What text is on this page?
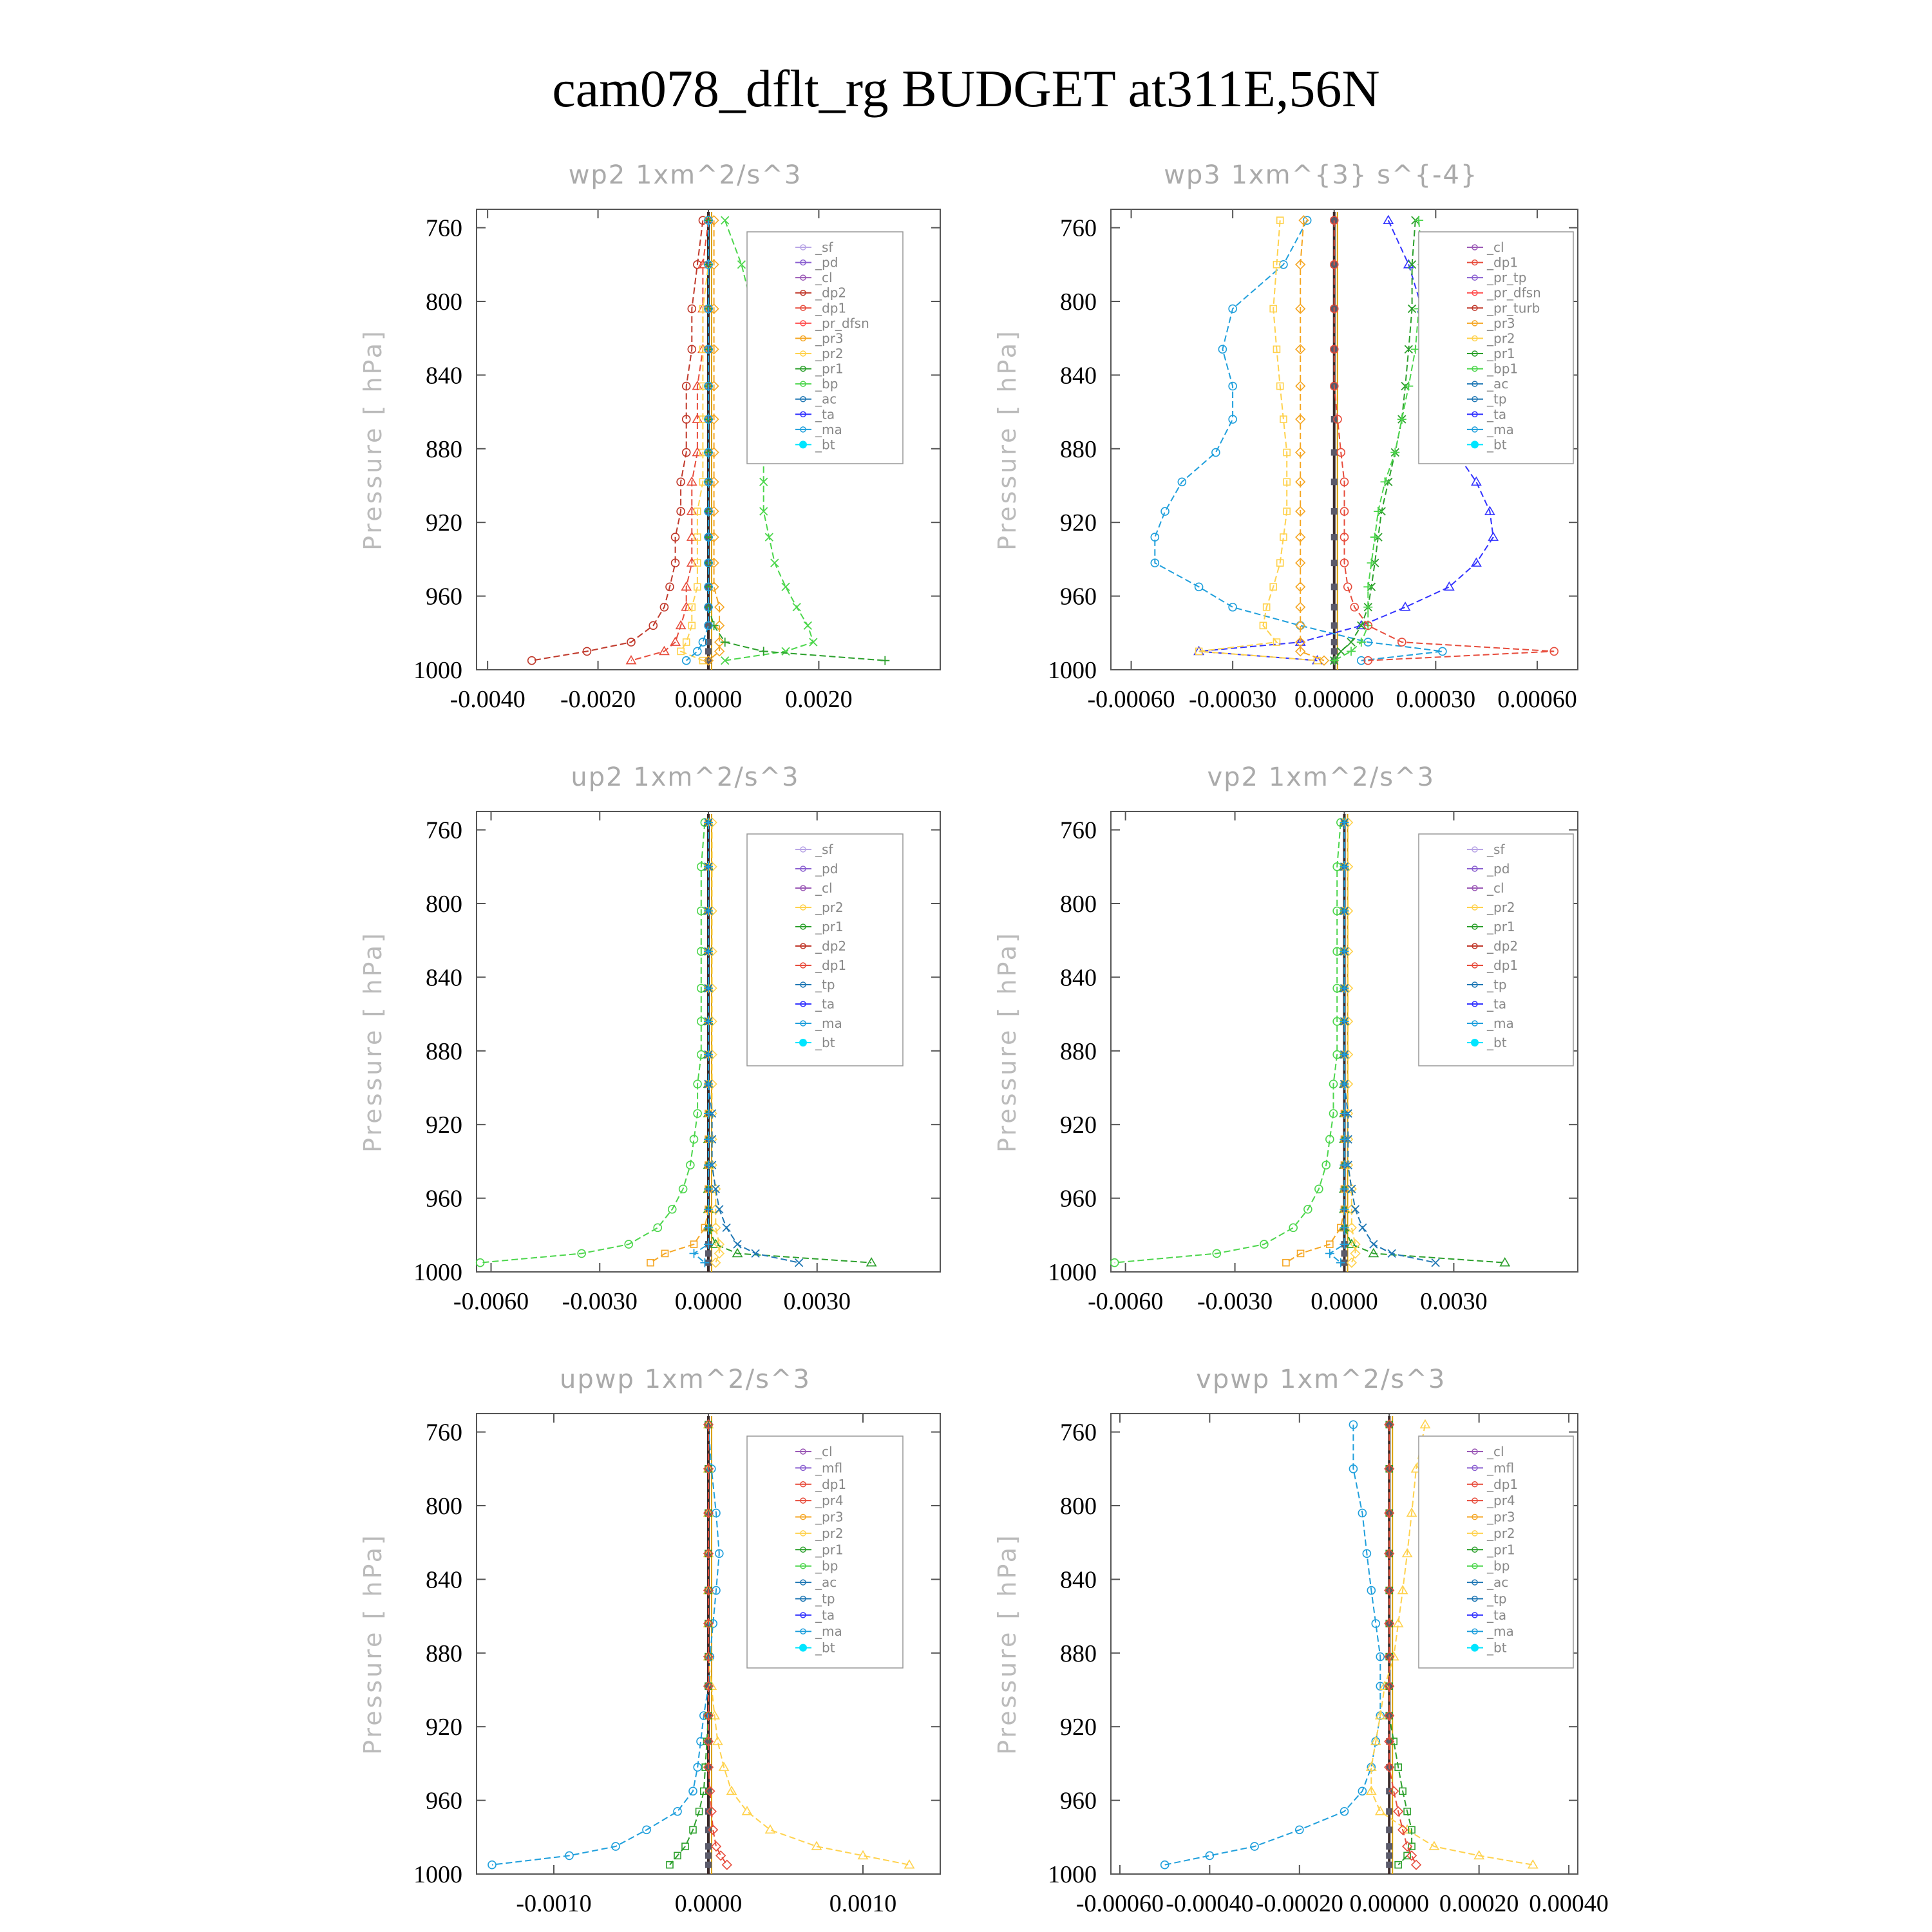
cam078_dflt_rg BUDGET at311E,56N
wp2 1xm^2/s^3
Pressure [ hPa]
760
800
840
880
920
960
1000
-0.0040 -0.0020 0.0000 0.0020
_sf
_pd
_cl
_dp2
_dp1
_pr_dfsn
_pr3
_pr2
_pr1
_bp
_ac
_ta
_ma
_bt
wp3 1xm^{3} s^{-4}
Pressure [ hPa]
760
800
840
880
920
960
1000
-0.00060 -0.00030 0.00000 0.00030 0.00060
_cl
_dp1
_pr_tp
_pr_dfsn
_pr_turb
_pr3
_pr2
_pr1
_bp1
_ac
_tp
_ta
_ma
_bt
up2 1xm^2/s^3
Pressure [ hPa]
760
800
840
880
920
960
1000
-0.0060 -0.0030 0.0000 0.0030
_sf
_pd
_cl
_pr2
_pr1
_dp2
_dp1
_tp
_ta
_ma
_bt
vp2 1xm^2/s^3
Pressure [ hPa]
760
800
840
880
920
960
1000
-0.0060 -0.0030 0.0000 0.0030
_sf
_pd
_cl
_pr2
_pr1
_dp2
_dp1
_tp
_ta
_ma
_bt
upwp 1xm^2/s^3
Pressure [ hPa]
760
800
840
880
920
960
1000
-0.0010	0.0000	0.0010
_cl
_mfl
_dp1
_pr4
_pr3
_pr2
_pr1
_bp
_ac
_tp
_ta
_ma
_bt
vpwp 1xm^2/s^3
Pressure [ hPa]
760
800
840
880
920
960
1000
-0.00060 -0.00040 -0.00020 0.00000 0.00020 0.00040
_cl
_mfl
_dp1
_pr4
_pr3
_pr2
_pr1
_bp
_ac
_tp
_ta
_ma
_bt
